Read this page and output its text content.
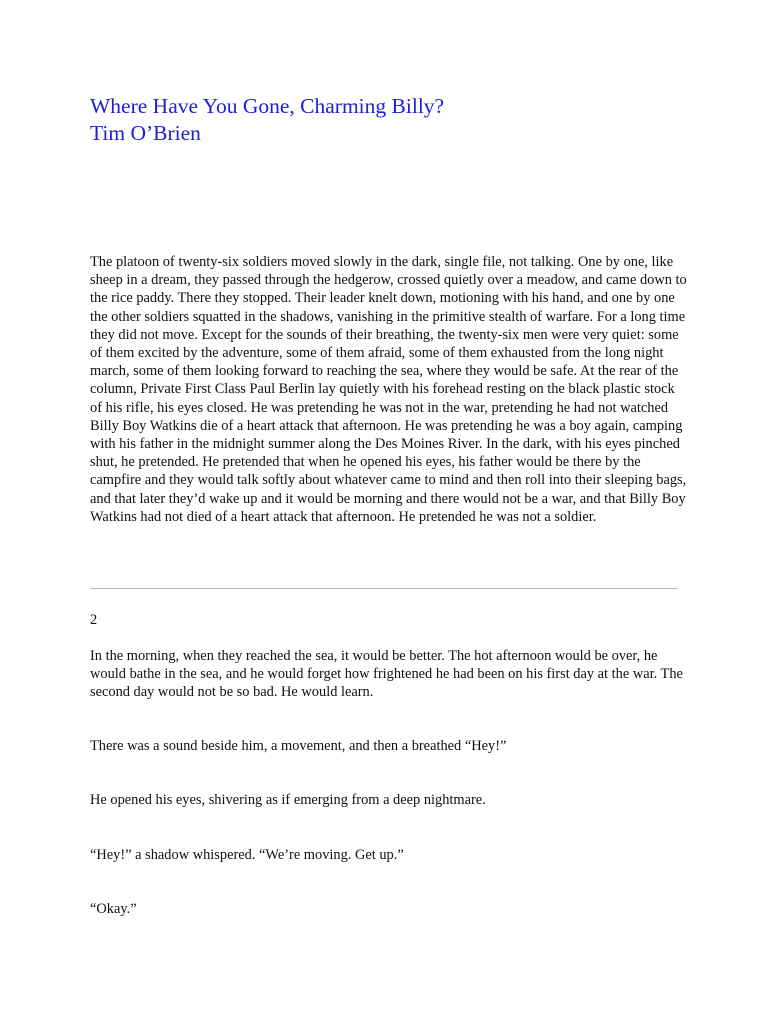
Where Have You Gone, Charming Billy?
Tim O’Brien

The platoon of twenty-six soldiers moved slowly in the dark, single file, not talking. One by one, like sheep in a dream, they passed through the hedgerow, crossed quietly over a meadow, and came down to the rice paddy. There they stopped. Their leader knelt down, motioning with his hand, and one by one the other soldiers squatted in the shadows, vanishing in the primitive stealth of warfare. For a long time they did not move. Except for the sounds of their breathing, the twenty-six men were very quiet: some of them excited by the adventure, some of them afraid, some of them exhausted from the long night march, some of them looking forward to reaching the sea, where they would be safe. At the rear of the column, Private First Class Paul Berlin lay quietly with his forehead resting on the black plastic stock of his rifle, his eyes closed. He was pretending he was not in the war, pretending he had not watched Billy Boy Watkins die of a heart attack that afternoon. He was pretending he was a boy again, camping with his father in the midnight summer along the Des Moines River. In the dark, with his eyes pinched shut, he pretended. He pretended that when he opened his eyes, his father would be there by the campfire and they would talk softly about whatever came to mind and then roll into their sleeping bags, and that later they’d wake up and it would be morning and there would not be a war, and that Billy Boy Watkins had not died of a heart attack that afternoon. He pretended he was not a soldier.

2

In the morning, when they reached the sea, it would be better. The hot afternoon would be over, he would bathe in the sea, and he would forget how frightened he had been on his first day at the war. The second day would not be so bad. He would learn.

There was a sound beside him, a movement, and then a breathed “Hey!”

He opened his eyes, shivering as if emerging from a deep nightmare.

“Hey!” a shadow whispered. “We’re moving. Get up.”

“Okay.”
